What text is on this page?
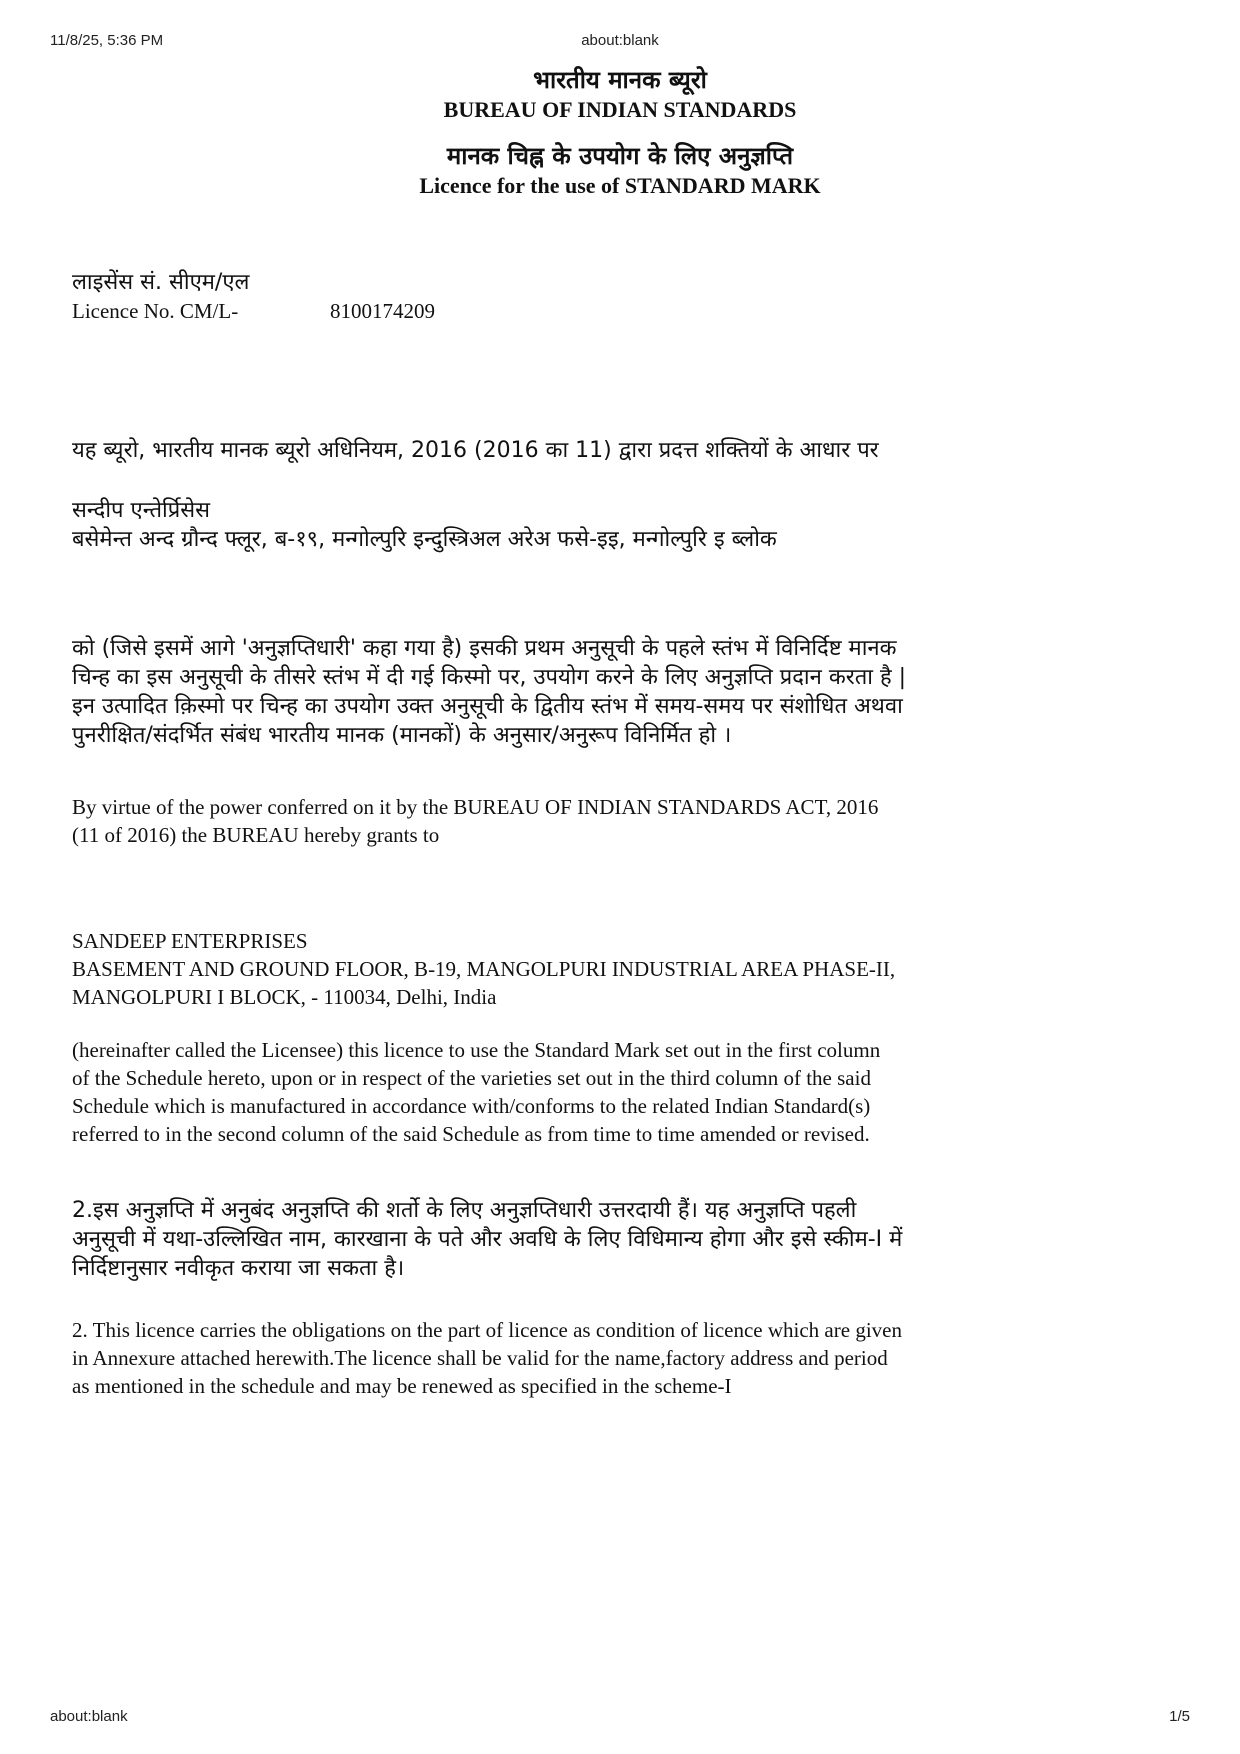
11/8/25, 5:36 PM	about:blank
भारतीय मानक ब्यूरो
BUREAU OF INDIAN STANDARDS
मानक चिह्न के उपयोग के लिए अनुज्ञप्ति
Licence for the use of STANDARD MARK
लाइसेंस सं. सीएम/एल
Licence No. CM/L-	8100174209
यह ब्यूरो, भारतीय मानक ब्यूरो अधिनियम, 2016 (2016 का 11) द्वारा प्रदत्त शक्तियों के आधार पर
सन्दीप एन्तेर्प्रिसेस
बसेमेन्त अन्द ग्रौन्द फ्लूर, ब-१९, मन्गोल्पुरि इन्दुस्त्रिअल अरेअ फसे-इइ, मन्गोल्पुरि इ ब्लोक
को (जिसे इसमें आगे 'अनुज्ञप्तिधारी' कहा गया है) इसकी प्रथम अनुसूची के पहले स्तंभ में विनिर्दिष्ट मानक
चिन्ह का इस अनुसूची के तीसरे स्तंभ में दी गई किस्मो पर, उपयोग करने के लिए अनुज्ञप्ति प्रदान करता है |
इन उत्पादित क़िस्मो पर चिन्ह का उपयोग उक्त अनुसूची के द्वितीय स्तंभ में समय-समय पर संशोधित अथवा
पुनरीक्षित/संदर्भित संबंध भारतीय मानक (मानकों) के अनुसार/अनुरूप विनिर्मित हो ।
By virtue of the power conferred on it by the BUREAU OF INDIAN STANDARDS ACT, 2016
(11 of 2016) the BUREAU hereby grants to
SANDEEP ENTERPRISES
BASEMENT AND GROUND FLOOR, B-19, MANGOLPURI INDUSTRIAL AREA PHASE-II,
MANGOLPURI I BLOCK, - 110034, Delhi, India
(hereinafter called the Licensee) this licence to use the Standard Mark set out in the first column
of the Schedule hereto, upon or in respect of the varieties set out in the third column of the said
Schedule which is manufactured in accordance with/conforms to the related Indian Standard(s)
referred to in the second column of the said Schedule as from time to time amended or revised.
2.इस अनुज्ञप्ति में अनुबंद अनुज्ञप्ति की शर्तो के लिए अनुज्ञप्तिधारी उत्तरदायी हैं। यह अनुज्ञप्ति पहली
अनुसूची में यथा-उल्लिखित नाम, कारखाना के पते और अवधि के लिए विधिमान्य होगा और इसे स्कीम-I में
निर्दिष्टानुसार नवीकृत कराया जा सकता है।
2. This licence carries the obligations on the part of licence as condition of licence which are given
in Annexure attached herewith.The licence shall be valid for the name,factory address and period
as mentioned in the schedule and may be renewed as specified in the scheme-I
about:blank	1/5
